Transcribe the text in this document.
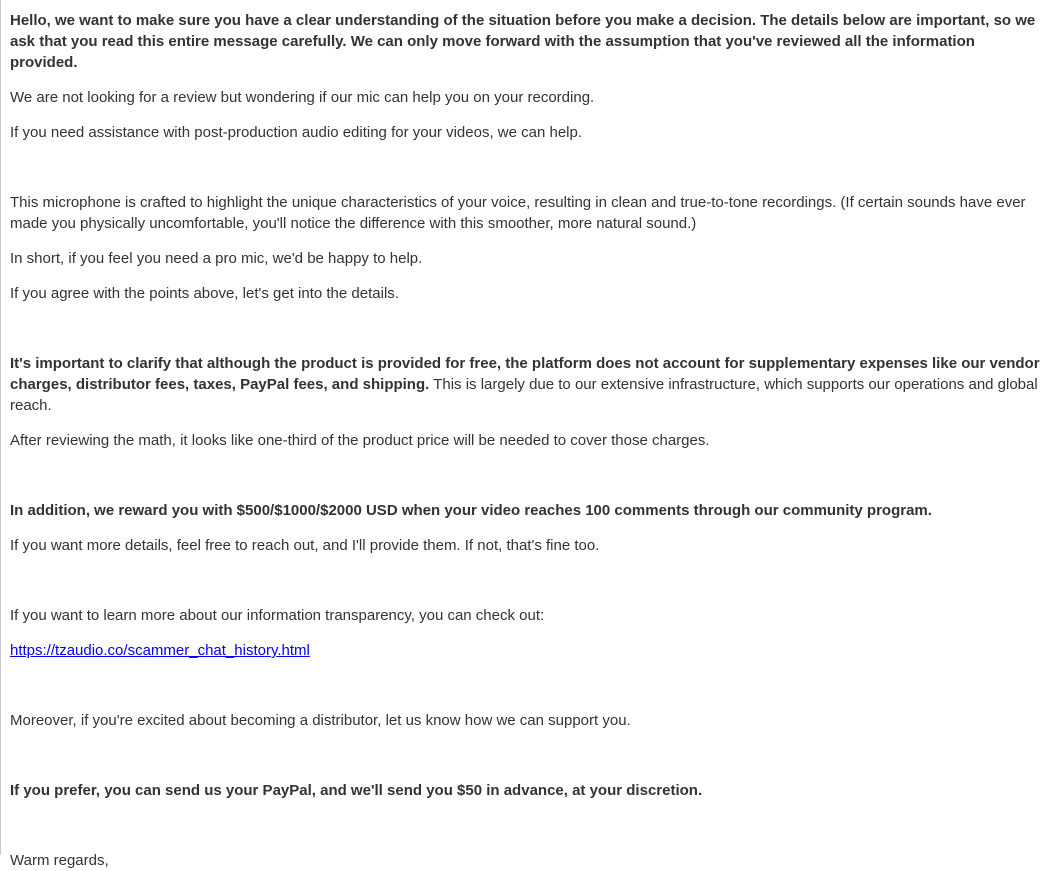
Hello, we want to make sure you have a clear understanding of the situation before you make a decision. The details below are important, so we ask that you read this entire message carefully. We can only move forward with the assumption that you've reviewed all the information provided.

We are not looking for a review but wondering if our mic can help you on your recording.

If you need assistance with post-production audio editing for your videos, we can help.

This microphone is crafted to highlight the unique characteristics of your voice, resulting in clean and true-to-tone recordings. (If certain sounds have ever made you physically uncomfortable, you'll notice the difference with this smoother, more natural sound.)

In short, if you feel you need a pro mic, we'd be happy to help.

If you agree with the points above, let's get into the details.

It's important to clarify that although the product is provided for free, the platform does not account for supplementary expenses like our vendor charges, distributor fees, taxes, PayPal fees, and shipping. This is largely due to our extensive infrastructure, which supports our operations and global reach.

After reviewing the math, it looks like one-third of the product price will be needed to cover those charges.

In addition, we reward you with $500/$1000/$2000 USD when your video reaches 100 comments through our community program.

If you want more details, feel free to reach out, and I'll provide them. If not, that's fine too.

If you want to learn more about our information transparency, you can check out:

https://tzaudio.co/scammer_chat_history.html

Moreover, if you're excited about becoming a distributor, let us know how we can support you.

If you prefer, you can send us your PayPal, and we'll send you $50 in advance, at your discretion.

Warm regards,
